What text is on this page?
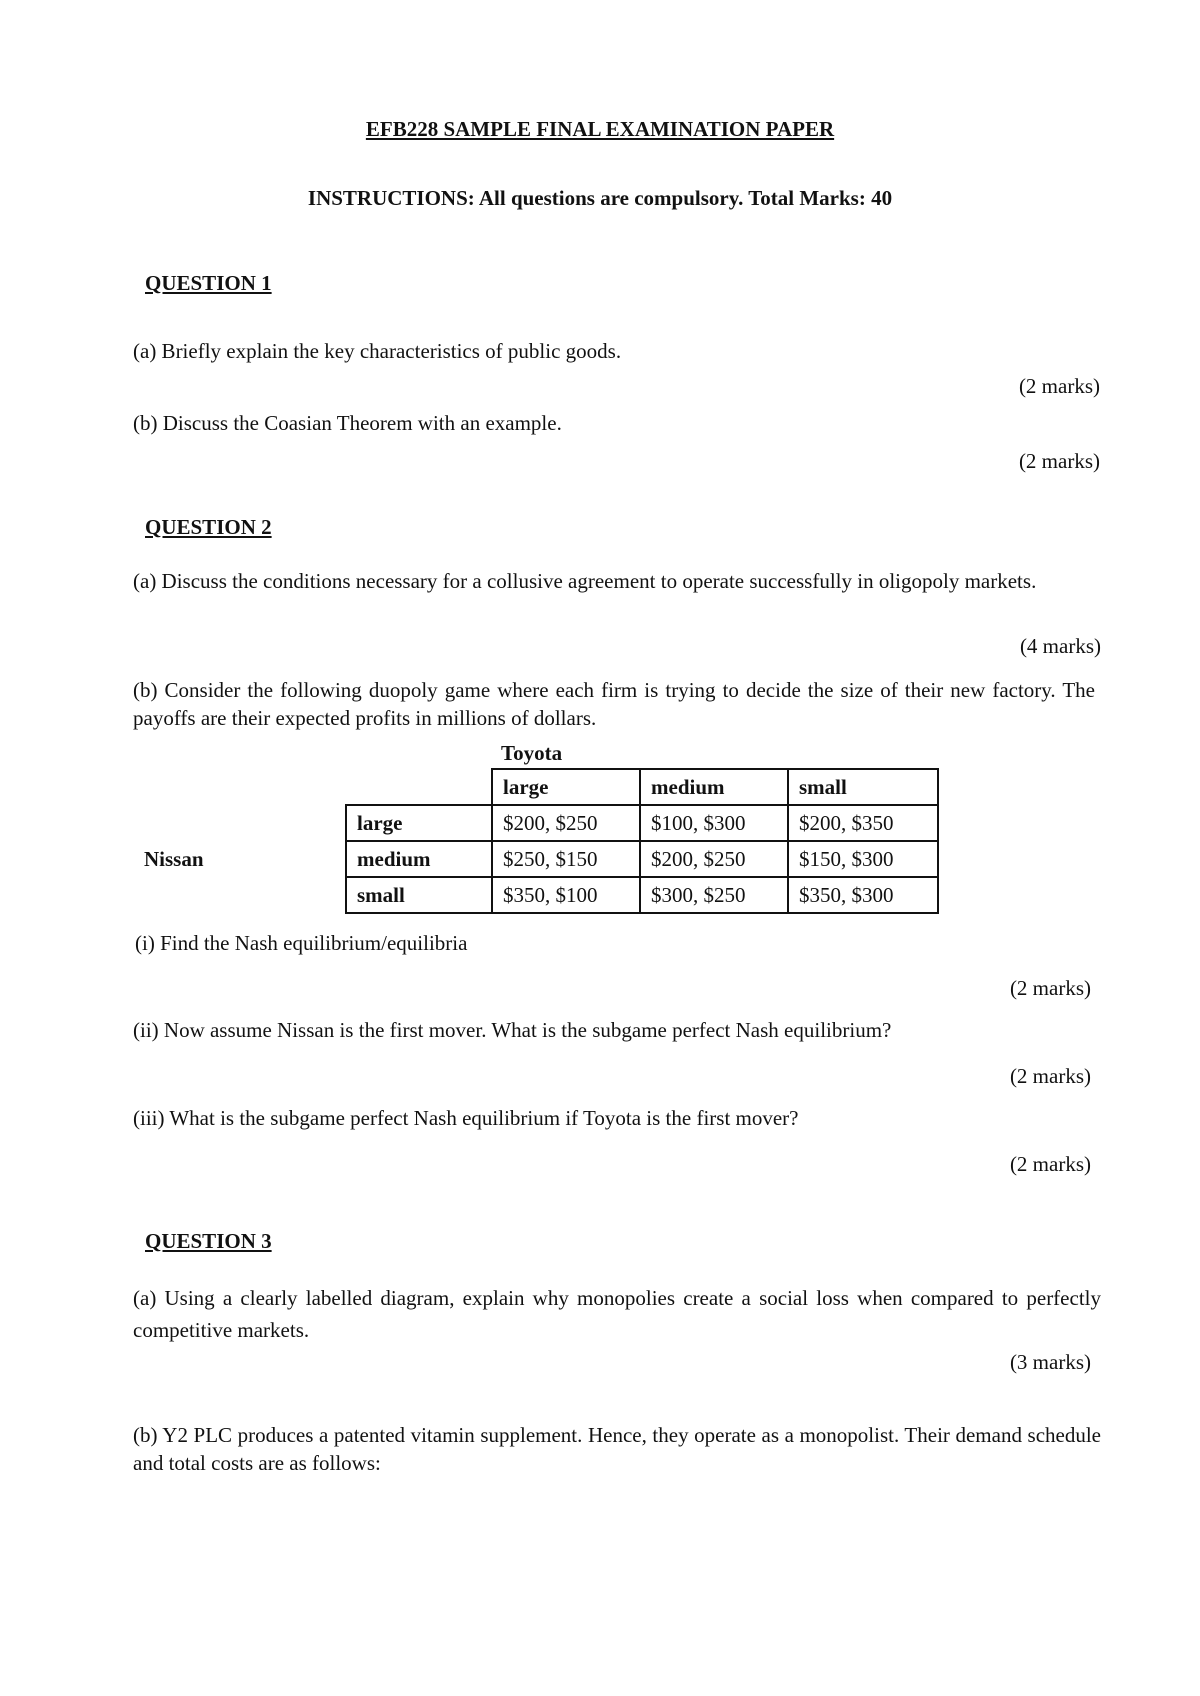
EFB228 SAMPLE FINAL EXAMINATION PAPER
INSTRUCTIONS: All questions are compulsory. Total Marks: 40
QUESTION 1
(a) Briefly explain the key characteristics of public goods.
(2 marks)
(b) Discuss the Coasian Theorem with an example.
(2 marks)
QUESTION 2
(a) Discuss the conditions necessary for a collusive agreement to operate successfully in oligopoly markets.
(4 marks)
(b) Consider the following duopoly game where each firm is trying to decide the size of their new factory. The payoffs are their expected profits in millions of dollars.
Toyota
Nissan
	large	medium	small
large	$200, $250	$100, $300	$200, $350
medium	$250, $150	$200, $250	$150, $300
small	$350, $100	$300, $250	$350, $300
(i) Find the Nash equilibrium/equilibria
(2 marks)
(ii) Now assume Nissan is the first mover. What is the subgame perfect Nash equilibrium?
(2 marks)
(iii) What is the subgame perfect Nash equilibrium if Toyota is the first mover?
(2 marks)
QUESTION 3
(a) Using a clearly labelled diagram, explain why monopolies create a social loss when compared to perfectly competitive markets.
(3 marks)
(b) Y2 PLC produces a patented vitamin supplement. Hence, they operate as a monopolist. Their demand schedule and total costs are as follows:
